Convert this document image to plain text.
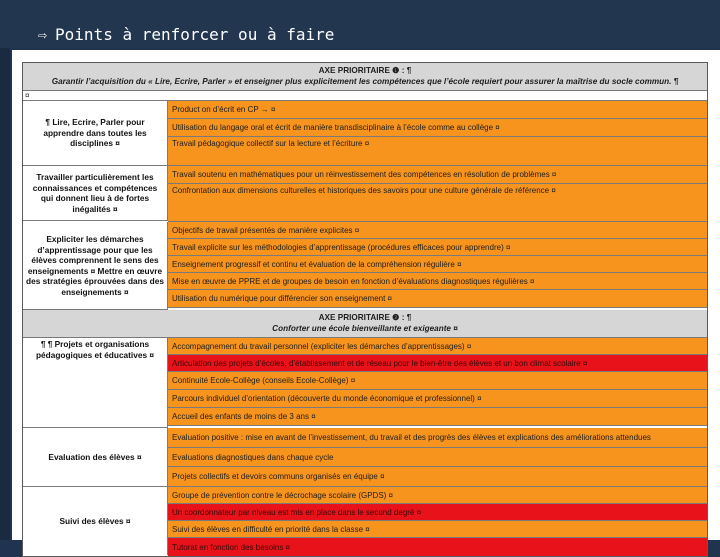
⇨ Points à renforcer ou à faire
AXE PRIORITAIRE ❶ : ¶
Garantir l’acquisition du « Lire, Ecrire, Parler » et enseigner plus explicitement les compétences que l’école requiert pour assurer la maîtrise du socle commun. ¶
¤
¶ Lire, Ecrire, Parler pour apprendre dans toutes les disciplines ¤
Product on d’écrit en CP → ¤
Utilisation du langage oral et écrit de manière transdisciplinaire à l’école comme au collège ¤
Travail pédagogique collectif sur la lecture et l’écriture ¤
Travailler particulièrement les connaissances et compétences qui donnent lieu à de fortes inégalités ¤
Travail soutenu en mathématiques pour un réinvestissement des compétences en résolution de problèmes ¤
Confrontation aux dimensions culturelles et historiques des savoirs pour une culture générale de référence ¤
Expliciter les démarches d’apprentissage pour que les élèves comprennent le sens des enseignements ¤ Mettre en œuvre des stratégies éprouvées dans des enseignements ¤
Objectifs de travail présentés de manière explicites ¤
Travail explicite sur les méthodologies d’apprentissage (procédures efficaces pour apprendre) ¤
Enseignement progressif et continu et évaluation de la compréhension régulière ¤
Mise en œuvre de PPRE et de groupes de besoin en fonction d’évaluations diagnostiques régulières ¤
Utilisation du numérique pour différencier son enseignement ¤
AXE PRIORITAIRE ❷ : ¶
Conforter une école bienveillante et exigeante ¤
¶ ¶ Projets et organisations pédagogiques et éducatives ¤
Accompagnement du travail personnel (expliciter les démarches d’apprentissages) ¤
Articulation des projets d’écoles, d’établissement et de réseau pour le bien-être des élèves et un bon climat scolaire ¤
Continuité Ecole-Collège (conseils Ecole-Collège) ¤
Parcours individuel d’orientation (découverte du monde économique et professionnel) ¤
Accueil des enfants de moins de 3 ans ¤
Evaluation des élèves ¤
Evaluation positive : mise en avant de l’investissement, du travail et des progrès des élèves et explications des améliorations attendues
Evaluations diagnostiques dans chaque cycle
Projets collectifs et devoirs communs organisés en équipe ¤
Suivi des élèves ¤
Groupe de prévention contre le décrochage scolaire (GPDS) ¤
Un coordonnateur par niveau est mis en place dans le second degré ¤
Suivi des élèves en difficulté en priorité dans la classe ¤
Tutorat en fonction des besoins ¤
